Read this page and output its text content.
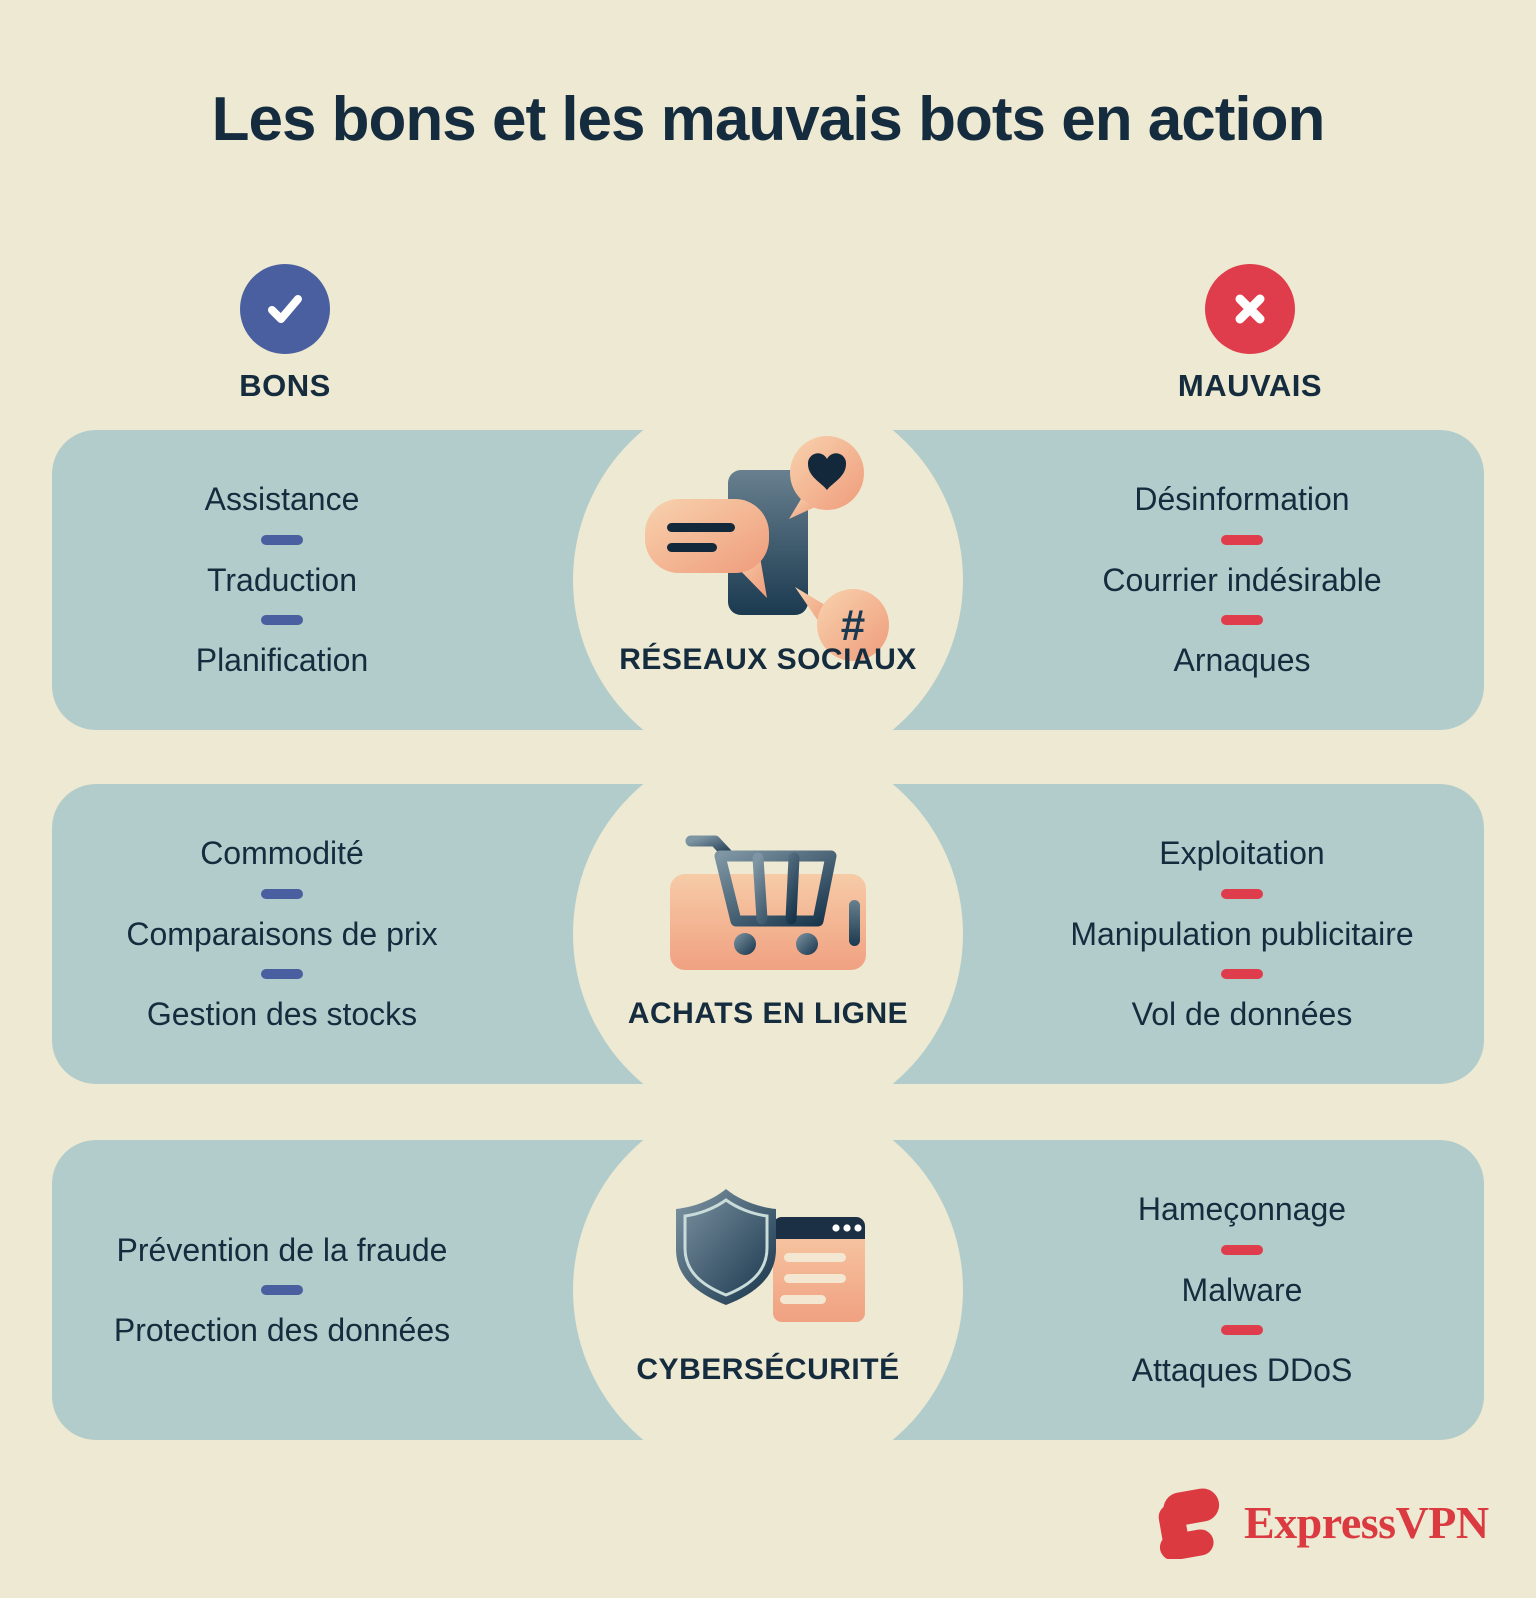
Les bons et les mauvais bots en action
BONS	MAUVAIS
Assistance
Traduction
Planification
#
RÉSEAUX SOCIAUX
Désinformation
Courrier indésirable
Arnaques
Commodité
Comparaisons de prix
Gestion des stocks	ACHATS EN LIGNE
Exploitation
Manipulation publicitaire
Vol de données
Prévention de la fraude
Protection des données
CYBERSÉCURITÉ
Hameçonnage
Malware
Attaques DDoS
ExpressVPN
